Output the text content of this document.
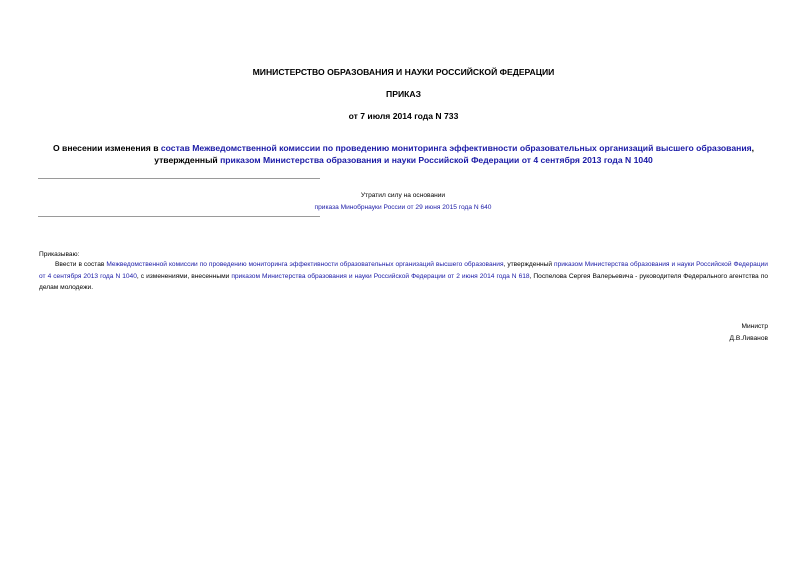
МИНИСТЕРСТВО ОБРАЗОВАНИЯ И НАУКИ РОССИЙСКОЙ ФЕДЕРАЦИИ
ПРИКАЗ
от 7 июля 2014 года N 733
О внесении изменения в состав Межведомственной комиссии по проведению мониторинга эффективности образовательных организаций высшего образования,
утвержденный приказом Министерства образования и науки Российской Федерации от 4 сентября 2013 года N 1040
Утратил силу на основании
приказа Минобрнауки России от 29 июня 2015 года N 640
Приказываю:
Ввести в состав Межведомственной комиссии по проведению мониторинга эффективности образовательных организаций высшего образования, утвержденный приказом Министерства образования и науки Российской Федерации от 4 сентября 2013 года N 1040, с изменениями, внесенными приказом Министерства образования и науки Российской Федерации от 2 июня 2014 года N 618, Поспелова Сергея Валерьевича - руководителя Федерального агентства по делам молодежи.
Министр
Д.В.Ливанов
